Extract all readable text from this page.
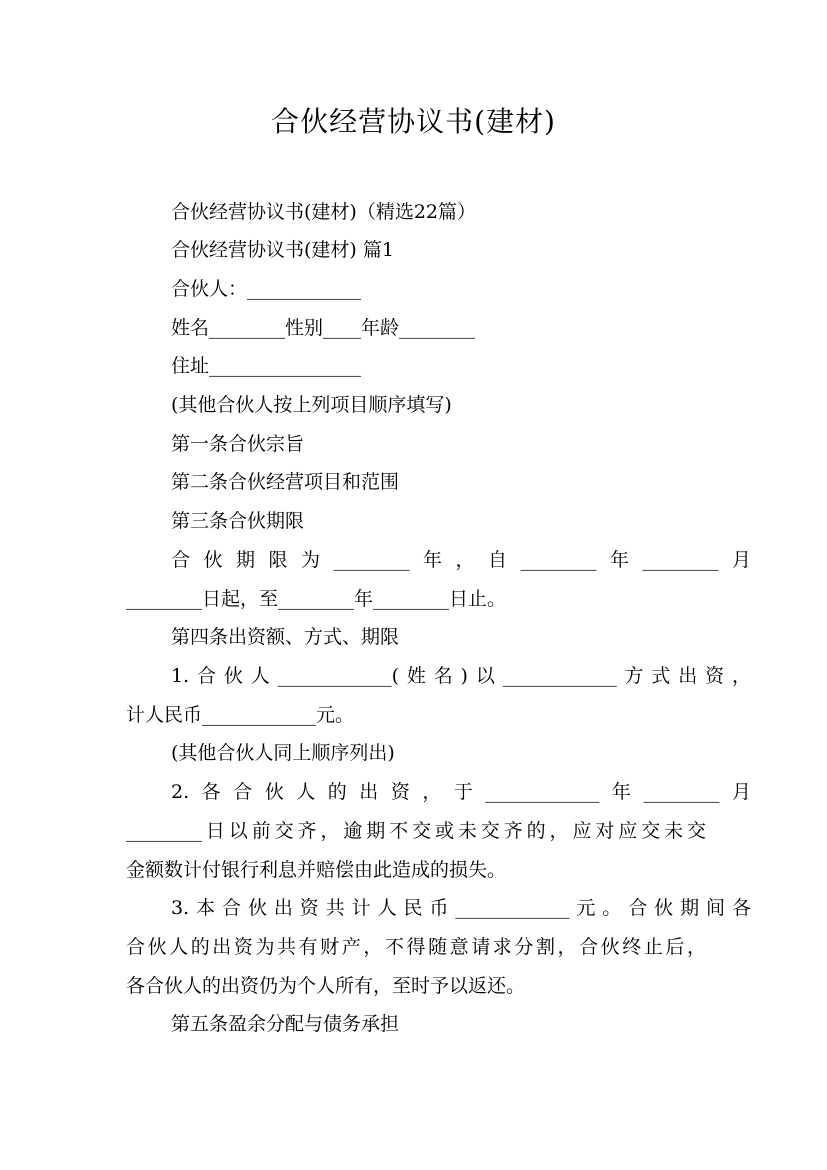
合伙经营协议书(建材)
合伙经营协议书(建材)（精选22篇）
合伙经营协议书(建材) 篇1
合伙人：____________
姓名________性别____年龄________
住址________________
(其他合伙人按上列项目顺序填写)
第一条合伙宗旨
第二条合伙经营项目和范围
第三条合伙期限
合伙期限为________年，自________年________月
________日起，至________年________日止。
第四条出资额、方式、期限
1.合伙人____________(姓名)以____________方式出资，
计人民币____________元。
(其他合伙人同上顺序列出)
2.各合伙人的出资，于____________年________月
________日以前交齐，逾期不交或未交齐的，应对应交未交
金额数计付银行利息并赔偿由此造成的损失。
3.本合伙出资共计人民币____________元。合伙期间各
合伙人的出资为共有财产，不得随意请求分割，合伙终止后，
各合伙人的出资仍为个人所有，至时予以返还。
第五条盈余分配与债务承担
